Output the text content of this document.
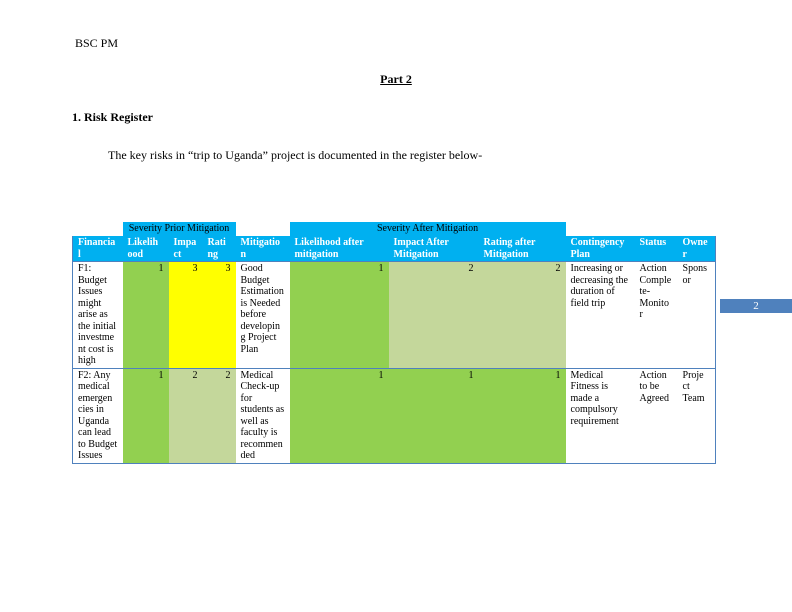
BSC PM
Part 2
1. Risk Register
The key risks in “trip to Uganda” project is documented in the register below-
	Severity Prior Mitigation				Severity After Mitigation					
Financia l	Likelih ood	Impa ct	Rati ng	Mitigatio n	Likelihood after mitigation	Impact After Mitigation	Rating after Mitigation	Contingency Plan	Status	Owne r
F1: Budget Issues might arise as the initial investme nt cost is high	1	3	3	Good Budget Estimation is Needed before developin g Project Plan	1	2	2	Increasing or decreasing the duration of field trip	Action Comple te- Monito r	Spons or
F2: Any medical emergen cies in Uganda can lead to Budget Issues	1	2	2	Medical Check-up for students as well as faculty is recommen ded	1	1	1	Medical Fitness is made a compulsory requirement	Action to be Agreed	Proje ct Team
2
